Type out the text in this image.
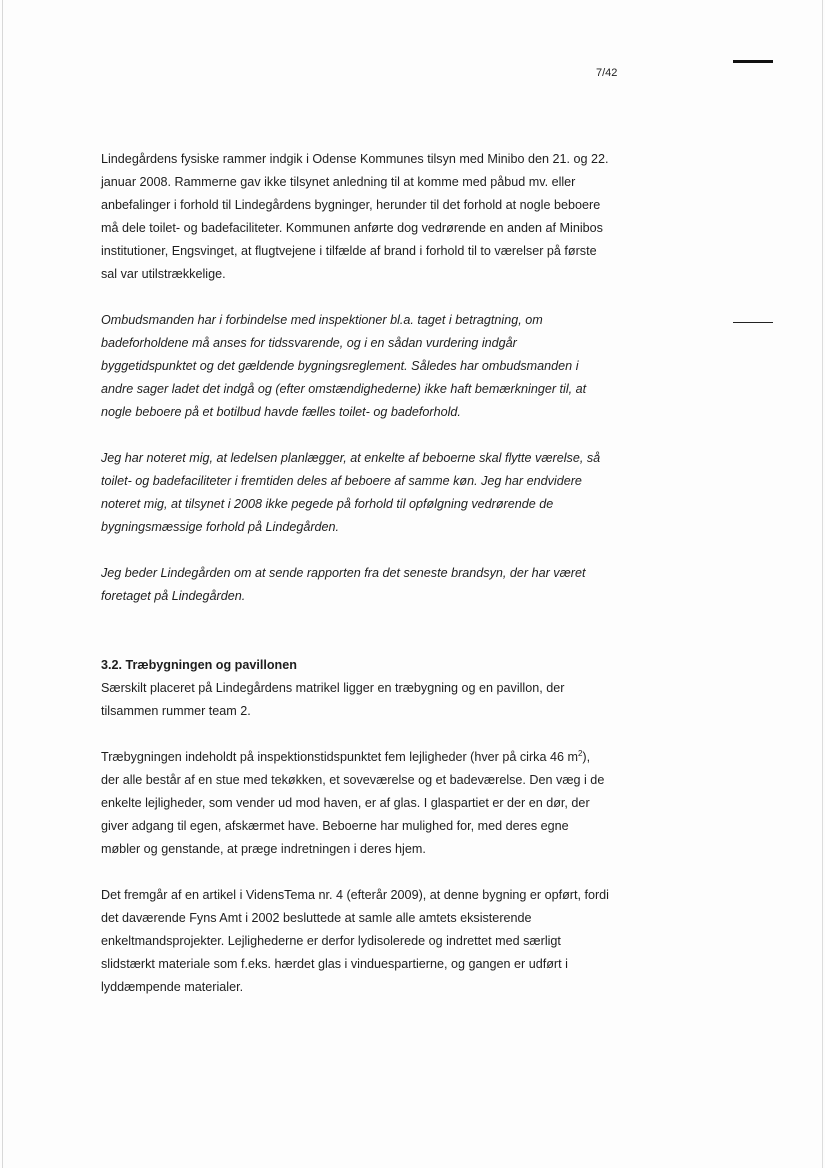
7/42

Lindegårdens fysiske rammer indgik i Odense Kommunes tilsyn med Minibo den 21. og 22. januar 2008. Rammerne gav ikke tilsynet anledning til at komme med påbud mv. eller anbefalinger i forhold til Lindegårdens bygninger, herunder til det forhold at nogle beboere må dele toilet- og badefaciliteter. Kommunen anførte dog vedrørende en anden af Minibos institutioner, Engsvinget, at flugtvejene i tilfælde af brand i forhold til to værelser på første sal var utilstrækkelige.

Ombudsmanden har i forbindelse med inspektioner bl.a. taget i betragtning, om badeforholdene må anses for tidssvarende, og i en sådan vurdering indgår byggetidspunktet og det gældende bygningsreglement. Således har ombudsmanden i andre sager ladet det indgå og (efter omstændighederne) ikke haft bemærkninger til, at nogle beboere på et botilbud havde fælles toilet- og badeforhold.

Jeg har noteret mig, at ledelsen planlægger, at enkelte af beboerne skal flytte værelse, så toilet- og badefaciliteter i fremtiden deles af beboere af samme køn. Jeg har endvidere noteret mig, at tilsynet i 2008 ikke pegede på forhold til opfølgning vedrørende de bygningsmæssige forhold på Lindegården.

Jeg beder Lindegården om at sende rapporten fra det seneste brandsyn, der har været foretaget på Lindegården.

3.2. Træbygningen og pavillonen

Særskilt placeret på Lindegårdens matrikel ligger en træbygning og en pavillon, der tilsammen rummer team 2.

Træbygningen indeholdt på inspektionstidspunktet fem lejligheder (hver på cirka 46 $m^2$), der alle består af en stue med tekøkken, et soveværelse og et badeværelse. Den væg i de enkelte lejligheder, som vender ud mod haven, er af glas. I glaspartiet er der en dør, der giver adgang til egen, afskærmet have. Beboerne har mulighed for, med deres egne møbler og genstande, at præge indretningen i deres hjem.

Det fremgår af en artikel i VidensTema nr. 4 (efterår 2009), at denne bygning er opført, fordi det daværende Fyns Amt i 2002 besluttede at samle alle amtets eksisterende enkeltmandsprojekter. Lejlighederne er derfor lydisolerede og indrettet med særligt slidstærkt materiale som f.eks. hærdet glas i vinduespartierne, og gangen er udført i lyddæmpende materialer.
